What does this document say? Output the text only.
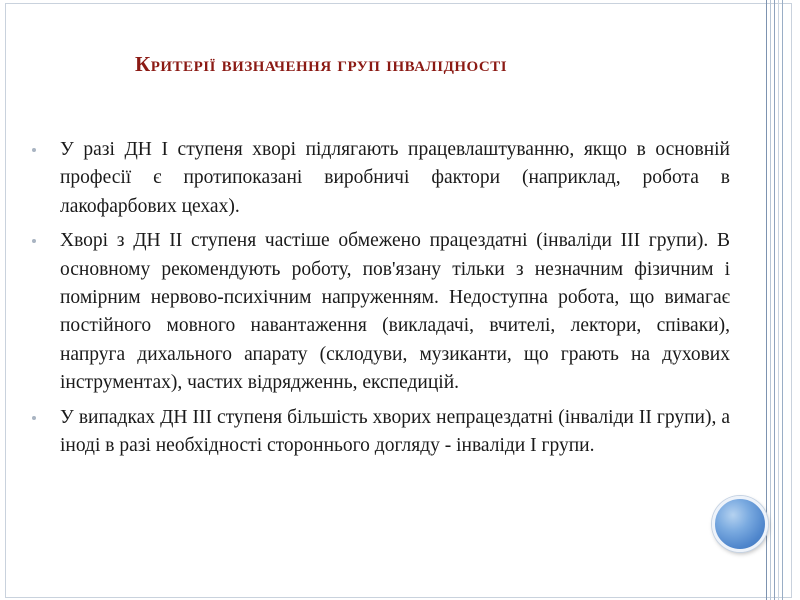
Критерії визначення груп інвалідності
У разі ДН І ступеня хворі підлягають працевлаштуванню, якщо в основній професії є протипоказані виробничі фактори (наприклад, робота в лакофарбових цехах).
Хворі з ДН ІІ ступеня частіше обмежено працездатні (інваліди ІІІ групи). В основному рекомендують роботу, пов'язану тільки з незначним фізичним і помірним нервово-психічним напруженням. Недоступна робота, що вимагає постійного мовного навантаження (викладачі, вчителі, лектори, співаки), напруга дихального апарату (склодуви, музиканти, що грають на духових інструментах), частих відрядженнь, експедицій.
У випадках ДН ІІІ ступеня більшість хворих непрацездатні (інваліди ІІ групи), а іноді в разі необхідності стороннього догляду - інваліди І групи.
